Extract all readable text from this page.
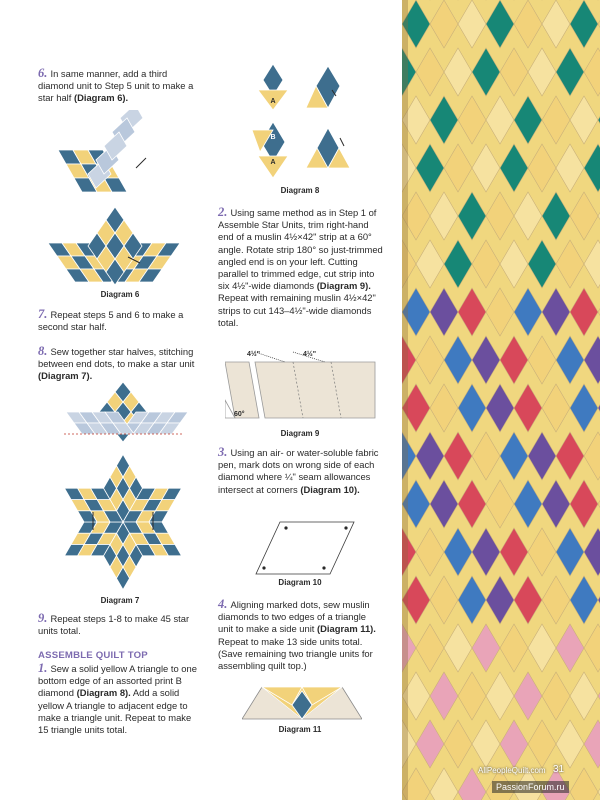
6. In same manner, add a third diamond unit to Step 5 unit to make a star half (Diagram 6).

Diagram 6

7. Repeat steps 5 and 6 to make a second star half.

8. Sew together star halves, stitching between end dots, to make a star unit (Diagram 7).

Diagram 7

9. Repeat steps 1-8 to make 45 star units total.

ASSEMBLE QUILT TOP

1. Sew a solid yellow A triangle to one bottom edge of an assorted print B diamond (Diagram 8). Add a solid yellow A triangle to adjacent edge to make a triangle unit. Repeat to make 15 triangle units total.

B
A
A
Diagram 8

2. Using same method as in Step 1 of Assemble Star Units, trim right-hand end of a muslin 4½×42" strip at a 60° angle. Rotate strip 180° so just-trimmed angled end is on your left. Cutting parallel to trimmed edge, cut strip into six 4½"-wide diamonds (Diagram 9). Repeat with remaining muslin 4½×42" strips to cut 143–4½"-wide diamonds total.

4½"	4½"
60°
Diagram 9

3. Using an air- or water-soluble fabric pen, mark dots on wrong side of each diamond where ¼" seam allowances intersect at corners (Diagram 10).

Diagram 10

4. Aligning marked dots, sew muslin diamonds to two edges of a triangle unit to make a side unit (Diagram 11). Repeat to make 13 side units total. (Save remaining two triangle units for assembling quilt top.)

Diagram 11
AllPeopleQuilt.com 31
PassionForum.ru
